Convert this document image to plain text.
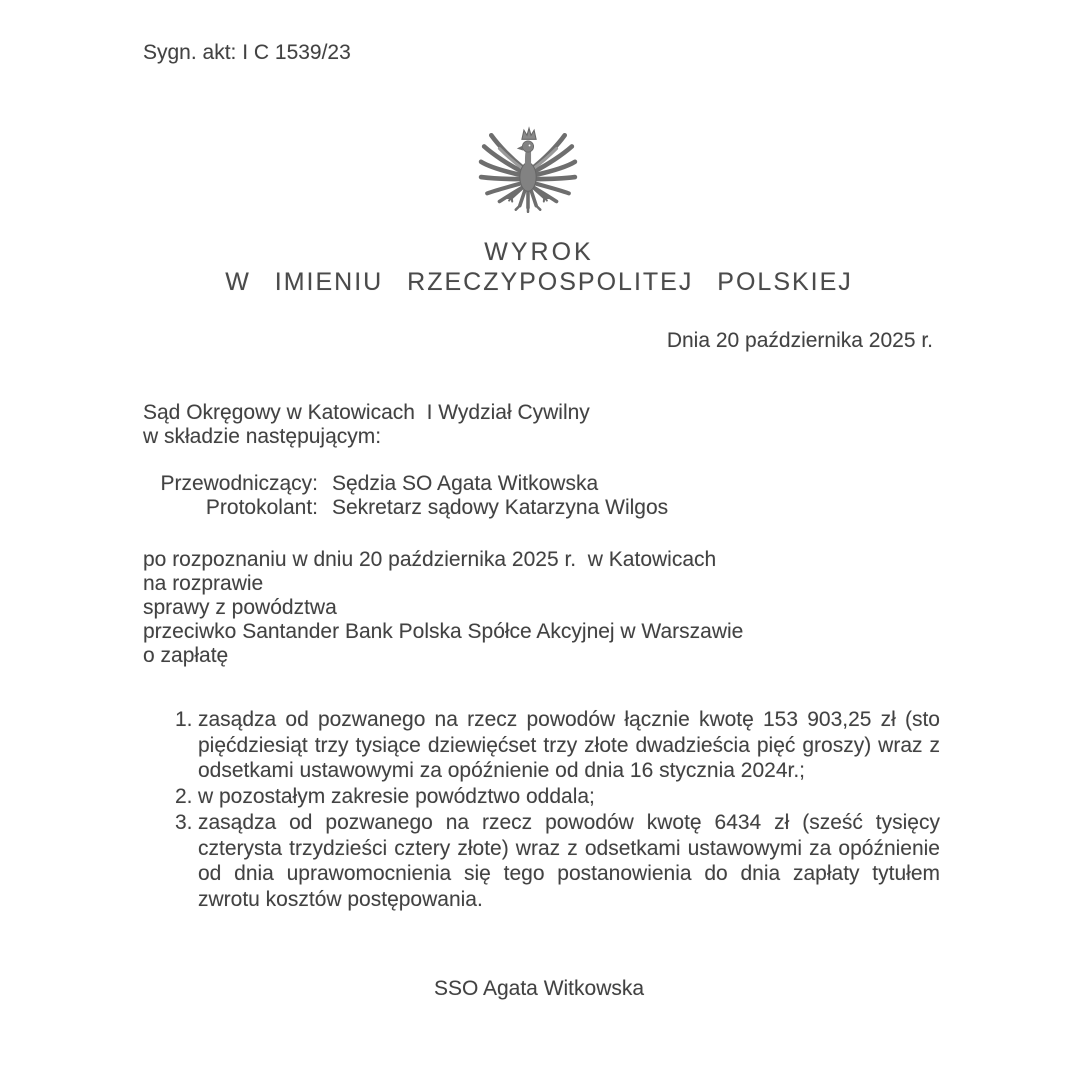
Sygn. akt: I C 1539/23
WYROK
W IMIENIU RZECZYPOSPOLITEJ POLSKIEJ
Dnia 20 października 2025 r.
Sąd Okręgowy w Katowicach  I Wydział Cywilny
w składzie następującym:
Przewodniczący: Sędzia SO Agata Witkowska
Protokolant: Sekretarz sądowy Katarzyna Wilgos
po rozpoznaniu w dniu 20 października 2025 r.  w Katowicach
na rozprawie
sprawy z powództwa
przeciwko Santander Bank Polska Spółce Akcyjnej w Warszawie
o zapłatę
1. zasądza od pozwanego na rzecz powodów łącznie kwotę 153 903,25 zł (sto pięćdziesiąt trzy tysiące dziewięćset trzy złote dwadzieścia pięć groszy) wraz z odsetkami ustawowymi za opóźnienie od dnia 16 stycznia 2024r.;
2. w pozostałym zakresie powództwo oddala;
3. zasądza od pozwanego na rzecz powodów kwotę 6434 zł (sześć tysięcy czterysta trzydzieści cztery złote) wraz z odsetkami ustawowymi za opóźnienie od dnia uprawomocnienia się tego postanowienia do dnia zapłaty tytułem zwrotu kosztów postępowania.
SSO Agata Witkowska
